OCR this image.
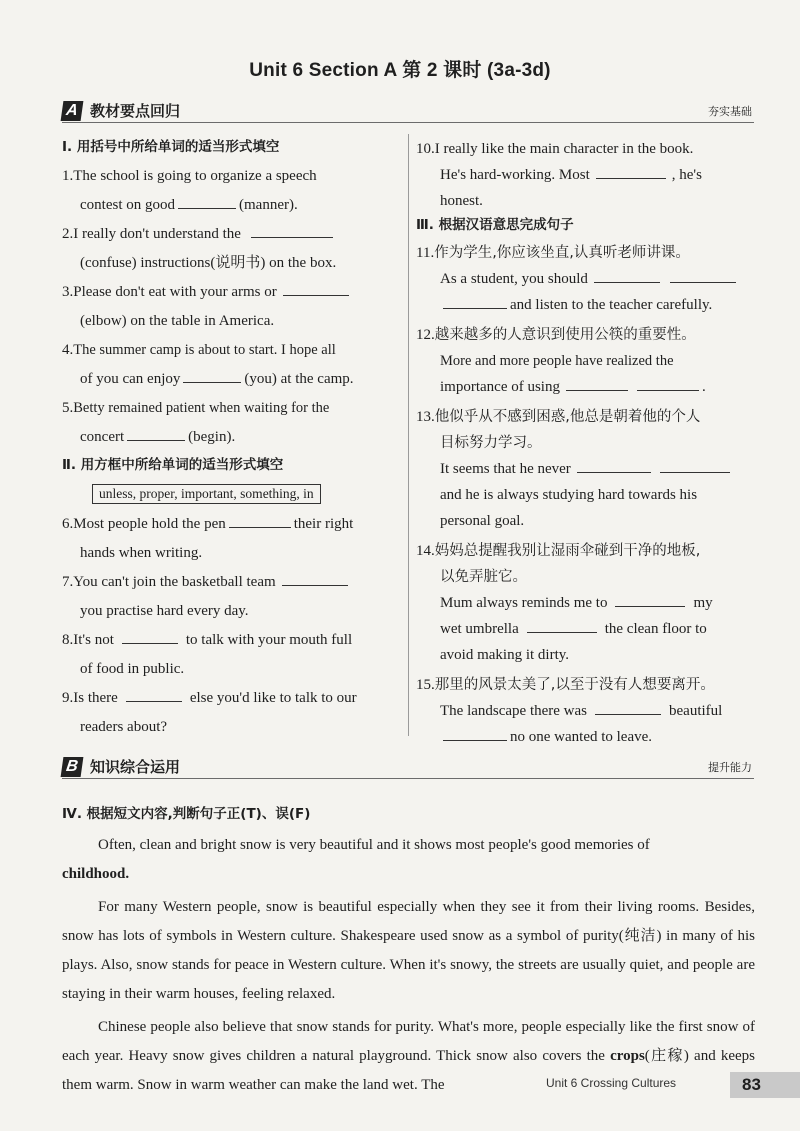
Unit 6 Section A 第 2 课时 (3a-3d)
A 教材要点回归	夯实基础
Ⅰ. 用括号中所给单词的适当形式填空

1.The school is going to organize a speech

contest on good	(manner).

2.I really don't understand the

(confuse) instructions(说明书) on the box.

3.Please don't eat with your arms or

(elbow) on the table in America.

4.The summer camp is about to start. I hope all

of you can enjoy	(you) at the camp.

5.Betty remained patient when waiting for the

concert	(begin).

Ⅱ. 用方框中所给单词的适当形式填空
unless, proper, important, something, in

6.Most people hold the pen	their right

hands when writing.

7.You can't join the basketball team

you practise hard every day.

8.It's not	to talk with your mouth full

of food in public.

9.Is there	else you'd like to talk to our

readers about?

10.I really like the main character in the book.

He's hard-working. Most	, he's

honest.

Ⅲ. 根据汉语意思完成句子

11.作为学生,你应该坐直,认真听老师讲课。

As a student, you should

and listen to the teacher carefully.

12.越来越多的人意识到使用公筷的重要性。

More and more people have realized the

importance of using	.

13.他似乎从不感到困惑,他总是朝着他的个人

目标努力学习。

It seems that he never

and he is always studying hard towards his

personal goal.

14.妈妈总提醒我别让湿雨伞碰到干净的地板,

以免弄脏它。

Mum always reminds me to	my

wet umbrella	the clean floor to

avoid making it dirty.

15.那里的风景太美了,以至于没有人想要离开。

The landscape there was	beautiful

no one wanted to leave.

B 知识综合运用	提升能力

Ⅳ. 根据短文内容,判断句子正(T)、误(F)

Often, clean and bright snow is very beautiful and it shows most people's good memories of
childhood.

For many Western people, snow is beautiful especially when they see it from their living rooms. Besides, snow has lots of symbols in Western culture. Shakespeare used snow as a symbol of purity(纯洁) in many of his plays. Also, snow stands for peace in Western culture. When it's snowy, the streets are usually quiet, and people are staying in their warm houses, feeling relaxed.

Chinese people also believe that snow stands for purity. What's more, people especially like the first snow of each year. Heavy snow gives children a natural playground. Thick snow also covers the crops(庄稼) and keeps them warm. Snow in warm weather can make the land wet. The	Unit 6 Crossing Cultures	83
